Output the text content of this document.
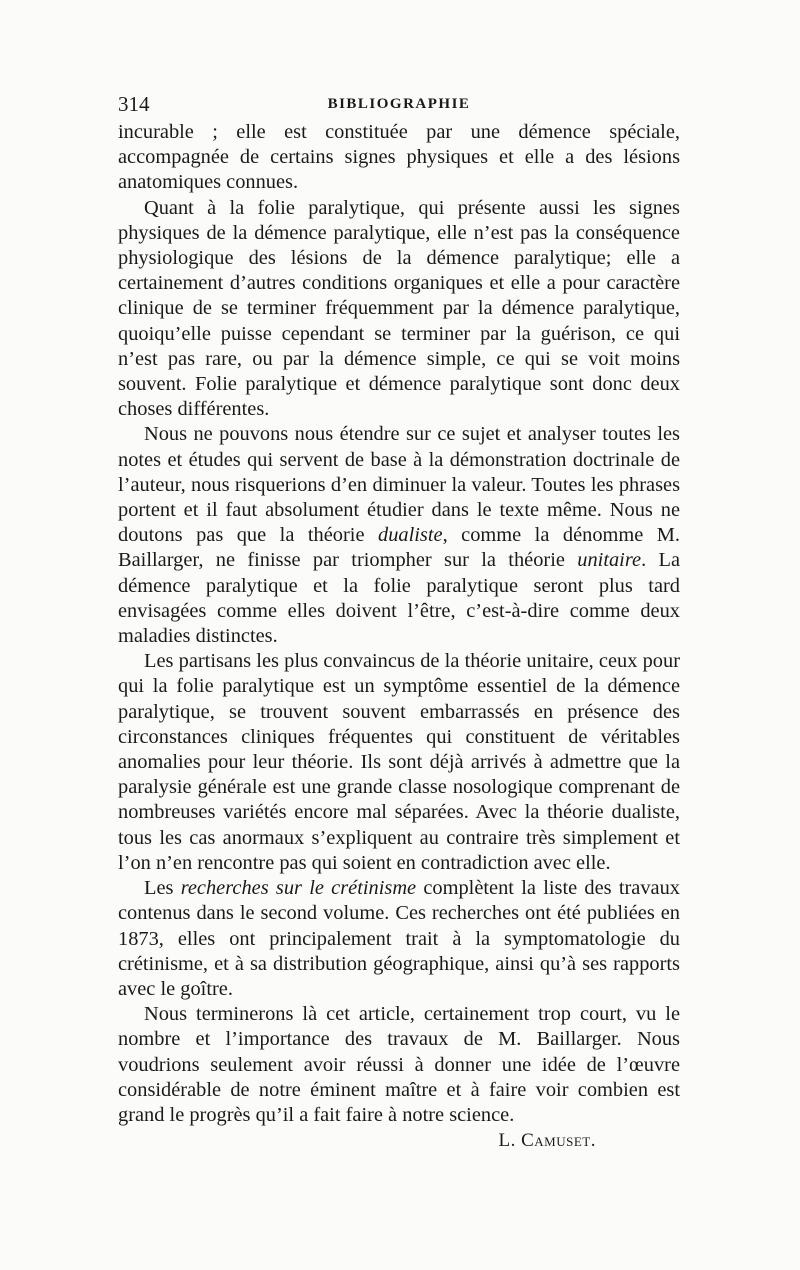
314	BIBLIOGRAPHIE

incurable ; elle est constituée par une démence spéciale, accompagnée de certains signes physiques et elle a des lésions anatomiques connues.

Quant à la folie paralytique, qui présente aussi les signes physiques de la démence paralytique, elle n’est pas la conséquence physiologique des lésions de la démence paralytique; elle a certainement d’autres conditions organiques et elle a pour caractère clinique de se terminer fréquemment par la démence paralytique, quoiqu’elle puisse cependant se terminer par la guérison, ce qui n’est pas rare, ou par la démence simple, ce qui se voit moins souvent. Folie paralytique et démence paralytique sont donc deux choses différentes.

Nous ne pouvons nous étendre sur ce sujet et analyser toutes les notes et études qui servent de base à la démonstration doctrinale de l’auteur, nous risquerions d’en diminuer la valeur. Toutes les phrases portent et il faut absolument étudier dans le texte même. Nous ne doutons pas que la théorie dualiste, comme la dénomme M. Baillarger, ne finisse par triompher sur la théorie unitaire. La démence paralytique et la folie paralytique seront plus tard envisagées comme elles doivent l’être, c’est-à-dire comme deux maladies distinctes.

Les partisans les plus convaincus de la théorie unitaire, ceux pour qui la folie paralytique est un symptôme essentiel de la démence paralytique, se trouvent souvent embarrassés en présence des circonstances cliniques fréquentes qui constituent de véritables anomalies pour leur théorie. Ils sont déjà arrivés à admettre que la paralysie générale est une grande classe nosologique comprenant de nombreuses variétés encore mal séparées. Avec la théorie dualiste, tous les cas anormaux s’expliquent au contraire très simplement et l’on n’en rencontre pas qui soient en contradiction avec elle.

Les recherches sur le crétinisme complètent la liste des travaux contenus dans le second volume. Ces recherches ont été publiées en 1873, elles ont principalement trait à la symptomatologie du crétinisme, et à sa distribution géographique, ainsi qu’à ses rapports avec le goître.

Nous terminerons là cet article, certainement trop court, vu le nombre et l’importance des travaux de M. Baillarger. Nous voudrions seulement avoir réussi à donner une idée de l’œuvre considérable de notre éminent maître et à faire voir combien est grand le progrès qu’il a fait faire à notre science.

L. Camuset.
